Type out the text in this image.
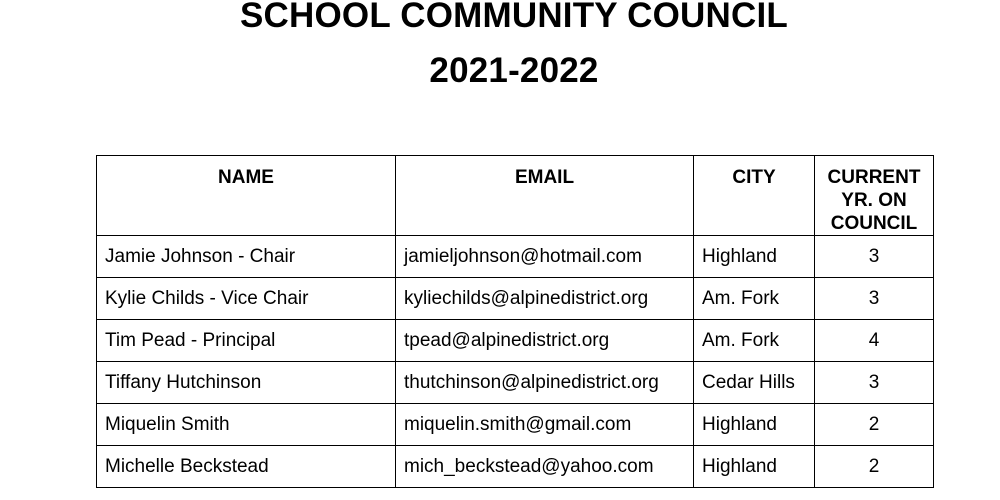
SCHOOL COMMUNITY COUNCIL
2021-2022
NAME	EMAIL	CITY	CURRENT
YR. ON
COUNCIL
Jamie Johnson - Chair	jamieljohnson@hotmail.com	Highland	3
Kylie Childs - Vice Chair	kyliechilds@alpinedistrict.org	Am. Fork	3
Tim Pead - Principal	tpead@alpinedistrict.org	Am. Fork	4
Tiffany Hutchinson	thutchinson@alpinedistrict.org	Cedar Hills	3
Miquelin Smith	miquelin.smith@gmail.com	Highland	2
Michelle Beckstead	mich_beckstead@yahoo.com	Highland	2
